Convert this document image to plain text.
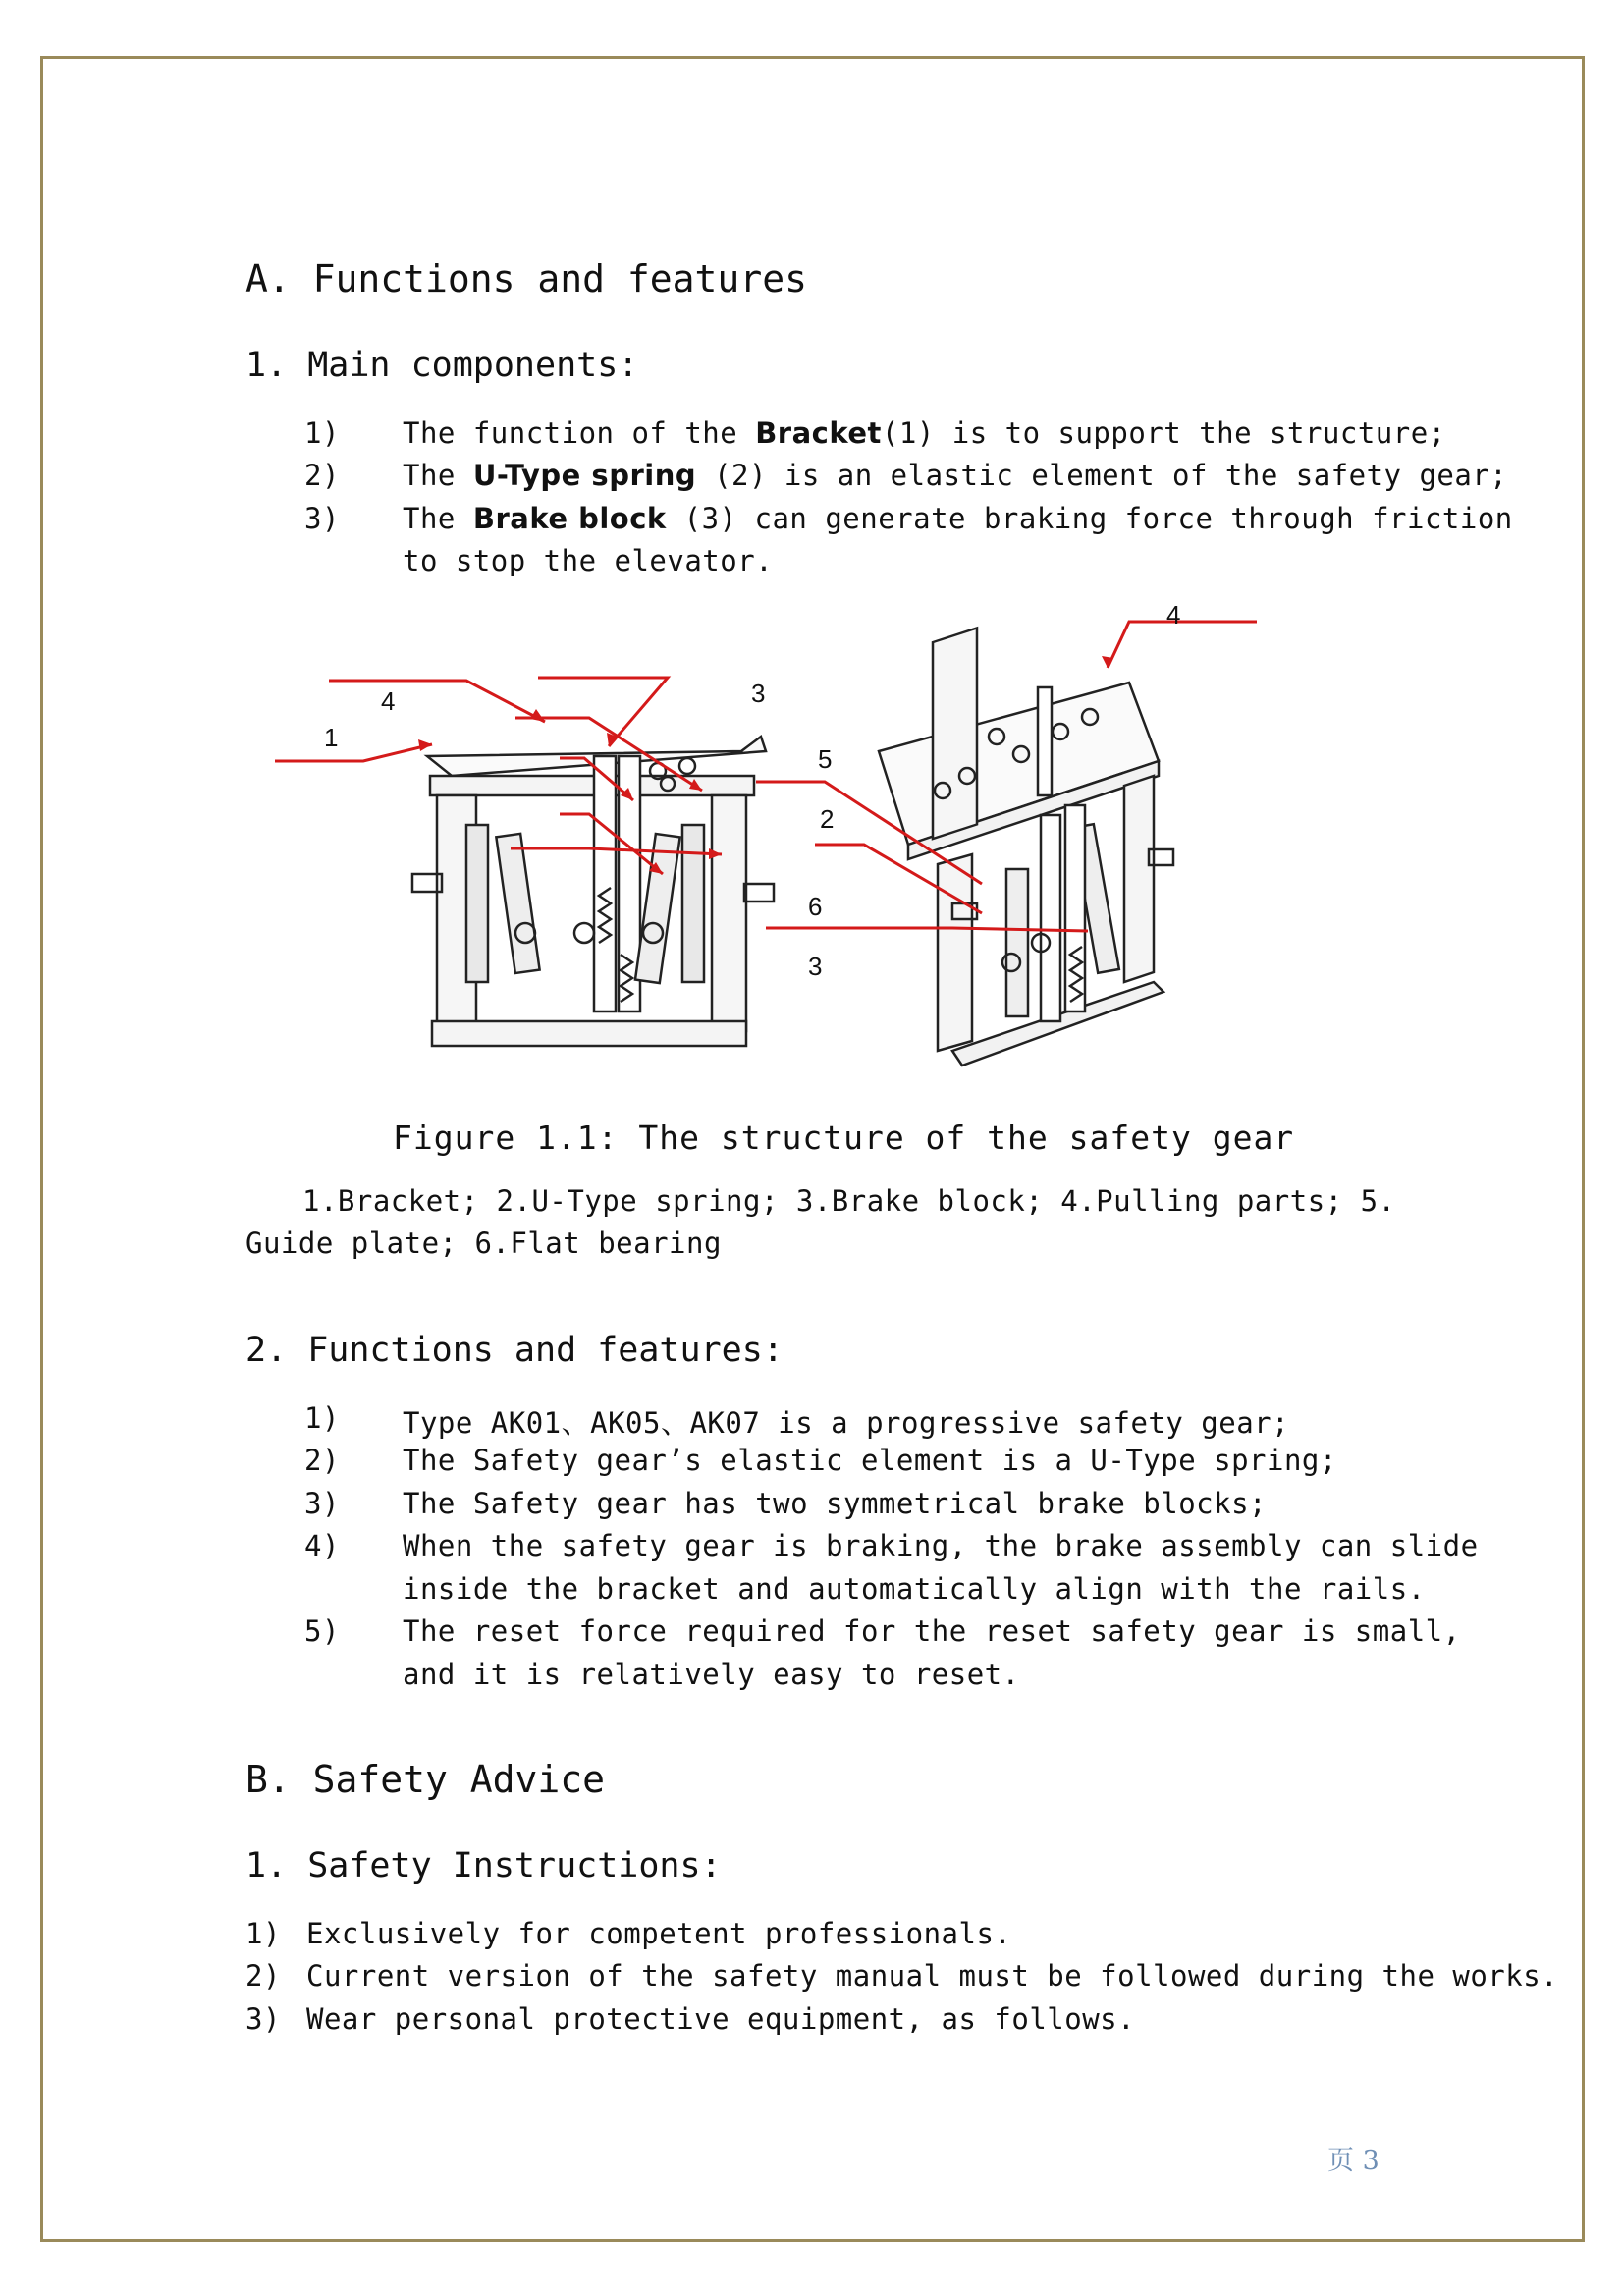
A. Functions and features
1. Main components:
1) The function of the Bracket(1) is to support the structure;
2) The U-Type spring (2) is an elastic element of the safety gear;
3) The Brake block (3) can generate braking force through friction
to stop the elevator.
4	3
1
5
2
6
3
4
Figure 1.1: The structure of the safety gear
1.Bracket; 2.U-Type spring; 3.Brake block; 4.Pulling parts; 5.
Guide plate; 6.Flat bearing
2. Functions and features:
1) Type AK01、AK05、AK07 is a progressive safety gear;
2) The Safety gear’s elastic element is a U-Type spring;
3) The Safety gear has two symmetrical brake blocks;
4) When the safety gear is braking, the brake assembly can slide
inside the bracket and automatically align with the rails.
5) The reset force required for the reset safety gear is small,
and it is relatively easy to reset.
B. Safety Advice
1. Safety Instructions:
1) Exclusively for competent professionals.
2) Current version of the safety manual must be followed during the works.
3) Wear personal protective equipment, as follows.
页 3
